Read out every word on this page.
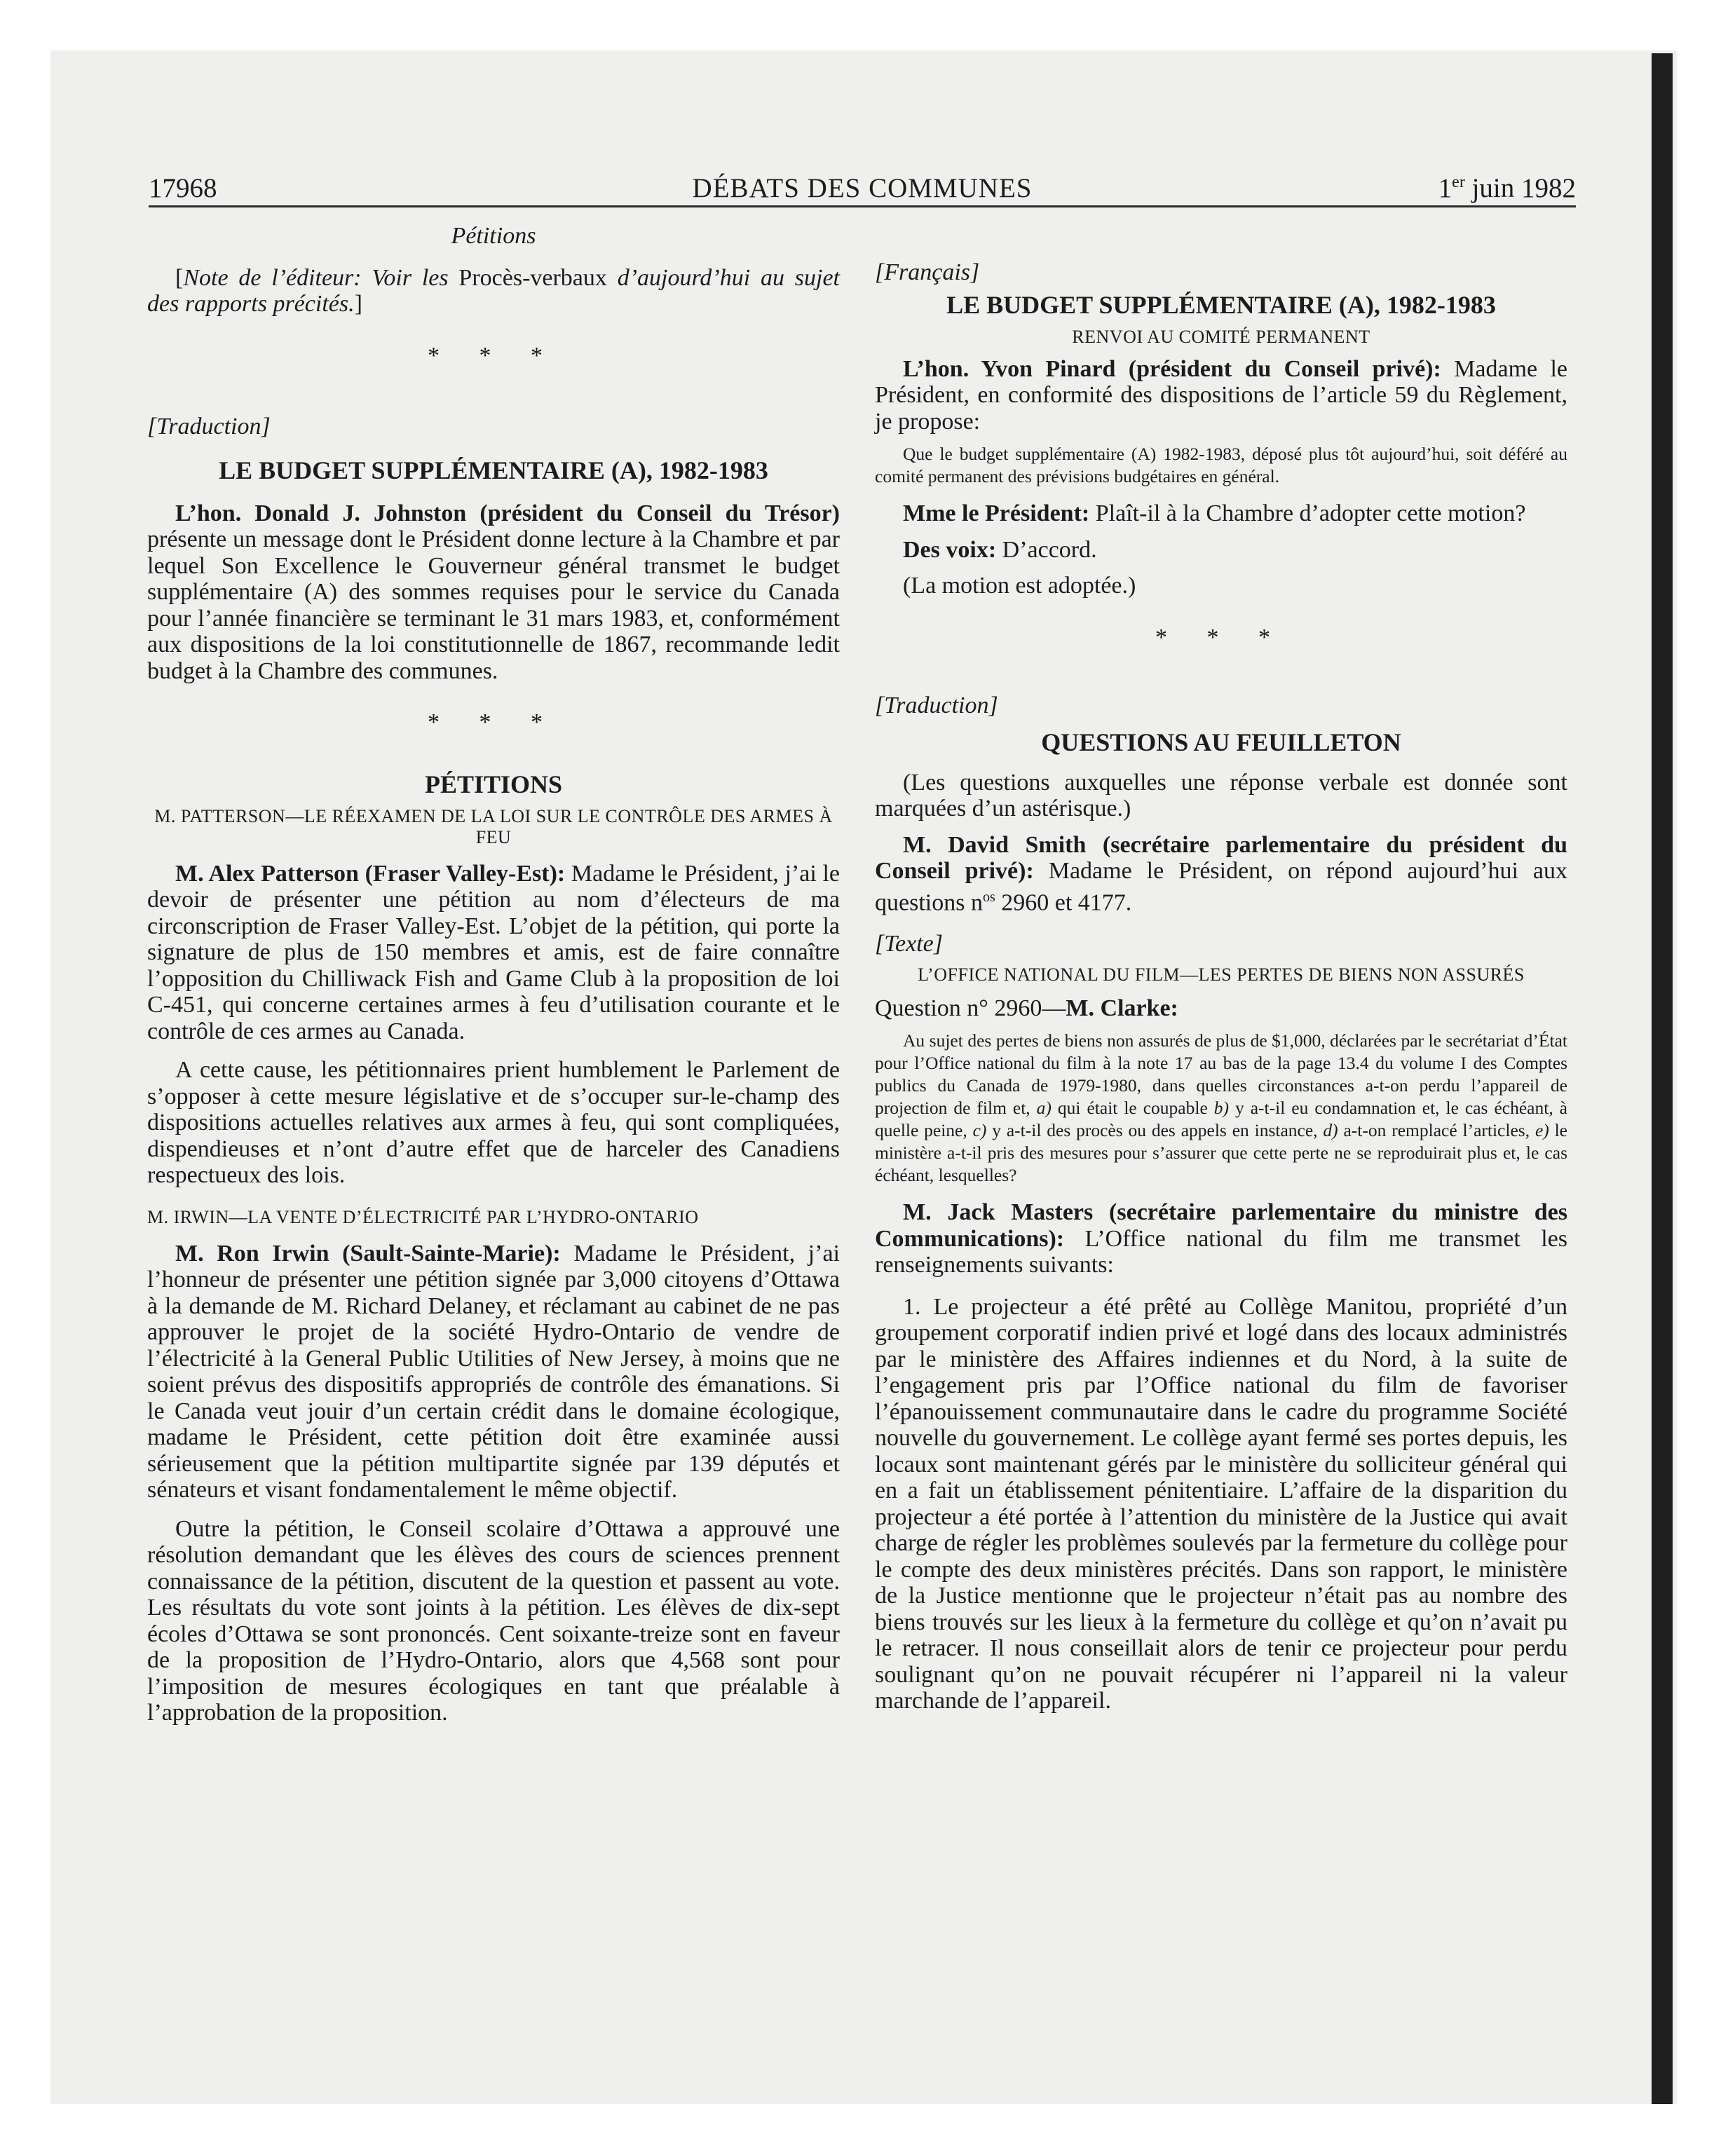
17968	DÉBATS DES COMMUNES	1er juin 1982

Pétitions

[Note de l’éditeur: Voir les Procès-verbaux d’aujourd’hui au sujet des rapports précités.]

* * *

[Traduction]

LE BUDGET SUPPLÉMENTAIRE (A), 1982-1983

L’hon. Donald J. Johnston (président du Conseil du Trésor) présente un message dont le Président donne lecture à la Chambre et par lequel Son Excellence le Gouverneur général transmet le budget supplémentaire (A) des sommes requises pour le service du Canada pour l’année financière se terminant le 31 mars 1983, et, conformément aux dispositions de la loi constitutionnelle de 1867, recommande ledit budget à la Chambre des communes.

* * *

PÉTITIONS

M. PATTERSON—LE RÉEXAMEN DE LA LOI SUR LE CONTRÔLE DES ARMES À FEU

M. Alex Patterson (Fraser Valley-Est): Madame le Président, j’ai le devoir de présenter une pétition au nom d’électeurs de ma circonscription de Fraser Valley-Est. L’objet de la pétition, qui porte la signature de plus de 150 membres et amis, est de faire connaître l’opposition du Chilliwack Fish and Game Club à la proposition de loi C-451, qui concerne certaines armes à feu d’utilisation courante et le contrôle de ces armes au Canada.

A cette cause, les pétitionnaires prient humblement le Parlement de s’opposer à cette mesure législative et de s’occuper sur-le-champ des dispositions actuelles relatives aux armes à feu, qui sont compliquées, dispendieuses et n’ont d’autre effet que de harceler des Canadiens respectueux des lois.

M. IRWIN—LA VENTE D’ÉLECTRICITÉ PAR L’HYDRO-ONTARIO

M. Ron Irwin (Sault-Sainte-Marie): Madame le Président, j’ai l’honneur de présenter une pétition signée par 3,000 citoyens d’Ottawa à la demande de M. Richard Delaney, et réclamant au cabinet de ne pas approuver le projet de la société Hydro-Ontario de vendre de l’électricité à la General Public Utilities of New Jersey, à moins que ne soient prévus des dispositifs appropriés de contrôle des émanations. Si le Canada veut jouir d’un certain crédit dans le domaine écologique, madame le Président, cette pétition doit être examinée aussi sérieusement que la pétition multipartite signée par 139 députés et sénateurs et visant fondamentalement le même objectif.

Outre la pétition, le Conseil scolaire d’Ottawa a approuvé une résolution demandant que les élèves des cours de sciences prennent connaissance de la pétition, discutent de la question et passent au vote. Les résultats du vote sont joints à la pétition. Les élèves de dix-sept écoles d’Ottawa se sont prononcés. Cent soixante-treize sont en faveur de la proposition de l’Hydro-Ontario, alors que 4,568 sont pour l’imposition de mesures écologiques en tant que préalable à l’approbation de la proposition.

[Français]

LE BUDGET SUPPLÉMENTAIRE (A), 1982-1983

RENVOI AU COMITÉ PERMANENT

L’hon. Yvon Pinard (président du Conseil privé): Madame le Président, en conformité des dispositions de l’article 59 du Règlement, je propose:

Que le budget supplémentaire (A) 1982-1983, déposé plus tôt aujourd’hui, soit déféré au comité permanent des prévisions budgétaires en général.

Mme le Président: Plaît-il à la Chambre d’adopter cette motion?

Des voix: D’accord.

(La motion est adoptée.)

* * *

[Traduction]

QUESTIONS AU FEUILLETON

(Les questions auxquelles une réponse verbale est donnée sont marquées d’un astérisque.)

M. David Smith (secrétaire parlementaire du président du Conseil privé): Madame le Président, on répond aujourd’hui aux questions $n^{os}$ 2960 et 4177.

[Texte]

L’OFFICE NATIONAL DU FILM—LES PERTES DE BIENS NON ASSURÉS

Question n° 2960—M. Clarke:

Au sujet des pertes de biens non assurés de plus de $1,000, déclarées par le secrétariat d’État pour l’Office national du film à la note 17 au bas de la page 13.4 du volume I des Comptes publics du Canada de 1979-1980, dans quelles circonstances a-t-on perdu l’appareil de projection de film et, a) qui était le coupable b) y a-t-il eu condamnation et, le cas échéant, à quelle peine, c) y a-t-il des procès ou des appels en instance, d) a-t-on remplacé l’articles, e) le ministère a-t-il pris des mesures pour s’assurer que cette perte ne se reproduirait plus et, le cas échéant, lesquelles?

M. Jack Masters (secrétaire parlementaire du ministre des Communications): L’Office national du film me transmet les renseignements suivants:

1. Le projecteur a été prêté au Collège Manitou, propriété d’un groupement corporatif indien privé et logé dans des locaux administrés par le ministère des Affaires indiennes et du Nord, à la suite de l’engagement pris par l’Office national du film de favoriser l’épanouissement communautaire dans le cadre du programme Société nouvelle du gouvernement. Le collège ayant fermé ses portes depuis, les locaux sont maintenant gérés par le ministère du solliciteur général qui en a fait un établissement pénitentiaire. L’affaire de la disparition du projecteur a été portée à l’attention du ministère de la Justice qui avait charge de régler les problèmes soulevés par la fermeture du collège pour le compte des deux ministères précités. Dans son rapport, le ministère de la Justice mentionne que le projecteur n’était pas au nombre des biens trouvés sur les lieux à la fermeture du collège et qu’on n’avait pu le retracer. Il nous conseillait alors de tenir ce projecteur pour perdu soulignant qu’on ne pouvait récupérer ni l’appareil ni la valeur marchande de l’appareil.
